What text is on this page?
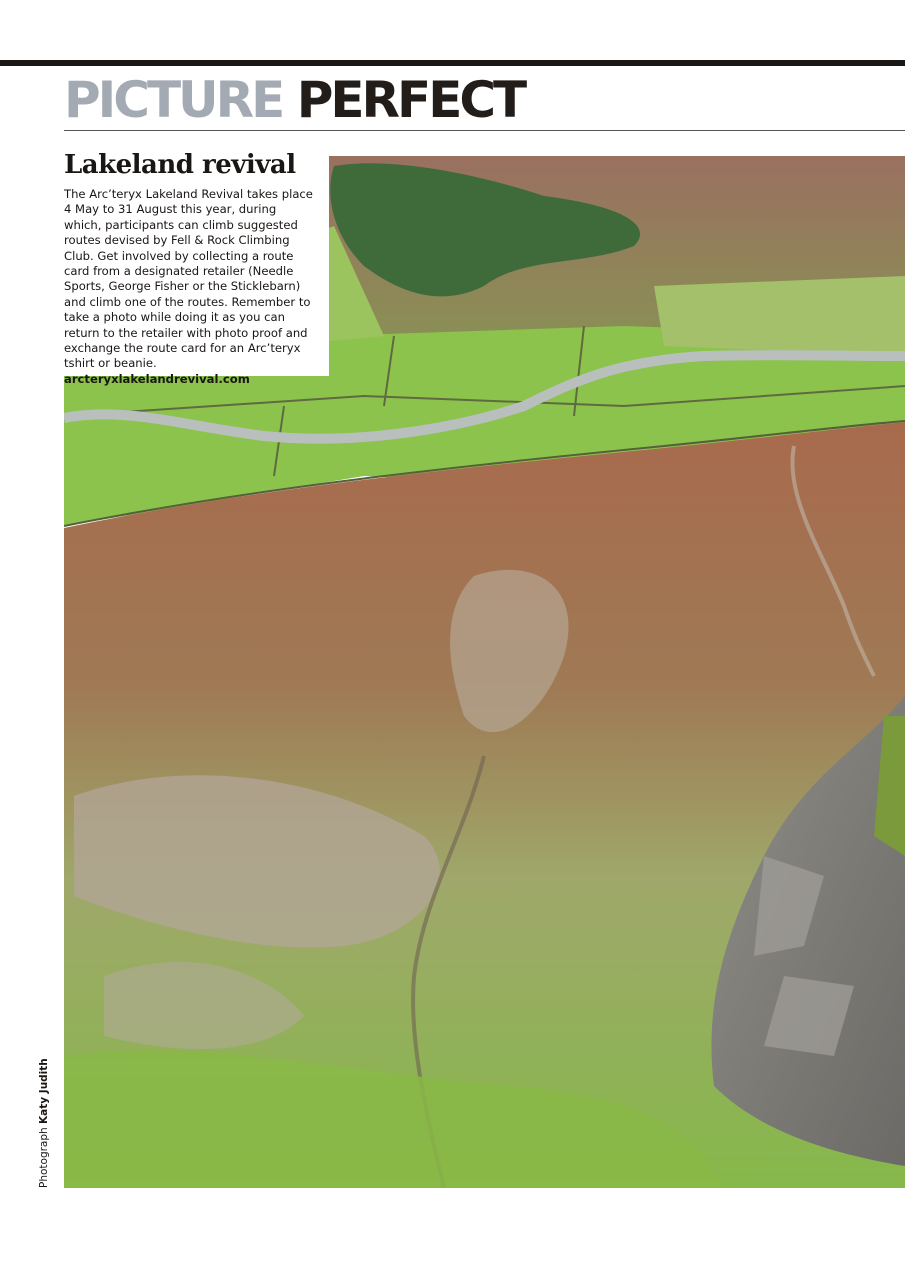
PICTURE PERFECT
Lakeland revival

The Arc’teryx Lakeland Revival takes place 4 May to 31 August this year, during which, participants can climb suggested routes devised by Fell & Rock Climbing Club. Get involved by collecting a route card from a designated retailer (Needle Sports, George Fisher or the Sticklebarn) and climb one of the routes. Remember to take a photo while doing it as you can return to the retailer with photo proof and exchange the route card for an Arc’teryx tshirt or beanie.
arcteryxlakelandrevival.com

Photograph Katy Judith
